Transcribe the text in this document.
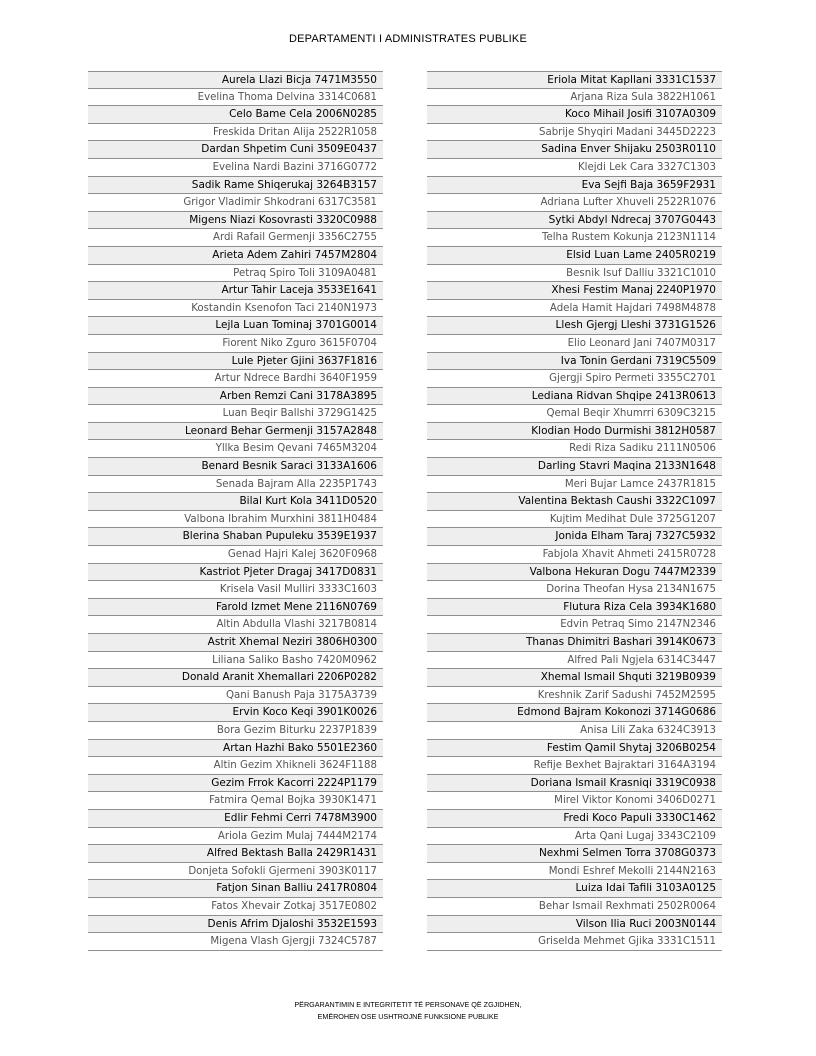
DEPARTAMENTI I ADMINISTRATES PUBLIKE
Aurela Llazi Bicja 7471M3550
Evelina Thoma Delvina 3314C0681
Celo Bame Cela 2006N0285
Freskida Dritan Alija 2522R1058
Dardan Shpetim Cuni 3509E0437
Evelina Nardi Bazini 3716G0772
Sadik Rame Shiqerukaj 3264B3157
Grigor Vladimir Shkodrani 6317C3581
Migens Niazi Kosovrasti 3320C0988
Ardi Rafail Germenji 3356C2755
Arieta Adem Zahiri 7457M2804
Petraq Spiro Toli 3109A0481
Artur Tahir Laceja 3533E1641
Kostandin Ksenofon Taci 2140N1973
Lejla Luan Tominaj 3701G0014
Fiorent Niko Zguro 3615F0704
Lule Pjeter Gjini 3637F1816
Artur Ndrece Bardhi 3640F1959
Arben Remzi Cani 3178A3895
Luan Beqir Ballshi 3729G1425
Leonard Behar Germenji 3157A2848
Yllka Besim Qevani 7465M3204
Benard Besnik Saraci 3133A1606
Senada Bajram Alla 2235P1743
Bilal Kurt Kola 3411D0520
Valbona Ibrahim Murxhini 3811H0484
Blerina Shaban Pupuleku 3539E1937
Genad Hajri Kalej 3620F0968
Kastriot Pjeter Dragaj 3417D0831
Krisela Vasil Mulliri 3333C1603
Farold Izmet Mene 2116N0769
Altin Abdulla Vlashi 3217B0814
Astrit Xhemal Neziri 3806H0300
Liliana Saliko Basho 7420M0962
Donald Aranit Xhemallari 2206P0282
Qani Banush Paja 3175A3739
Ervin Koco Keqi 3901K0026
Bora Gezim Biturku 2237P1839
Artan Hazhi Bako 5501E2360
Altin Gezim Xhikneli 3624F1188
Gezim Frrok Kacorri 2224P1179
Fatmira Qemal Bojka 3930K1471
Edlir Fehmi Cerri 7478M3900
Ariola Gezim Mulaj 7444M2174
Alfred Bektash Balla 2429R1431
Donjeta Sofokli Gjermeni 3903K0117
Fatjon Sinan Balliu 2417R0804
Fatos Xhevair Zotkaj 3517E0802
Denis Afrim Djaloshi 3532E1593
Migena Vlash Gjergji 7324C5787
Eriola Mitat Kapllani 3331C1537
Arjana Riza Sula 3822H1061
Koco Mihail Josifi 3107A0309
Sabrije Shyqiri Madani 3445D2223
Sadina Enver Shijaku 2503R0110
Klejdi Lek Cara 3327C1303
Eva Sejfi Baja 3659F2931
Adriana Lufter Xhuveli 2522R1076
Sytki Abdyl Ndrecaj 3707G0443
Telha Rustem Kokunja 2123N1114
Elsid Luan Lame 2405R0219
Besnik Isuf Dalliu 3321C1010
Xhesi Festim Manaj 2240P1970
Adela Hamit Hajdari 7498M4878
Llesh Gjergj Lleshi 3731G1526
Elio Leonard Jani 7407M0317
Iva Tonin Gerdani 7319C5509
Gjergji Spiro Permeti 3355C2701
Lediana Ridvan Shqipe 2413R0613
Qemal Beqir Xhumrri 6309C3215
Klodian Hodo Durmishi 3812H0587
Redi Riza Sadiku 2111N0506
Darling Stavri Maqina 2133N1648
Meri Bujar Lamce 2437R1815
Valentina Bektash Caushi 3322C1097
Kujtim Medihat Dule 3725G1207
Jonida Elham Taraj 7327C5932
Fabjola Xhavit Ahmeti 2415R0728
Valbona Hekuran Dogu 7447M2339
Dorina Theofan Hysa 2134N1675
Flutura Riza Cela 3934K1680
Edvin Petraq Simo 2147N2346
Thanas Dhimitri Bashari 3914K0673
Alfred Pali Ngjela 6314C3447
Xhemal Ismail Shquti 3219B0939
Kreshnik Zarif Sadushi 7452M2595
Edmond Bajram Kokonozi 3714G0686
Anisa Lili Zaka 6324C3913
Festim Qamil Shytaj 3206B0254
Refije Bexhet Bajraktari 3164A3194
Doriana Ismail Krasniqi 3319C0938
Mirel Viktor Konomi 3406D0271
Fredi Koco Papuli 3330C1462
Arta Qani Lugaj 3343C2109
Nexhmi Selmen Torra 3708G0373
Mondi Eshref Mekolli 2144N2163
Luiza Idai Tafili 3103A0125
Behar Ismail Rexhmati 2502R0064
Vilson Ilia Ruci 2003N0144
Griselda Mehmet Gjika 3331C1511
PËRGARANTIMIN E INTEGRITETIT TË PERSONAVE QË ZGJIDHEN,
EMËROHEN OSE USHTROJNË FUNKSIONE PUBLIKE
